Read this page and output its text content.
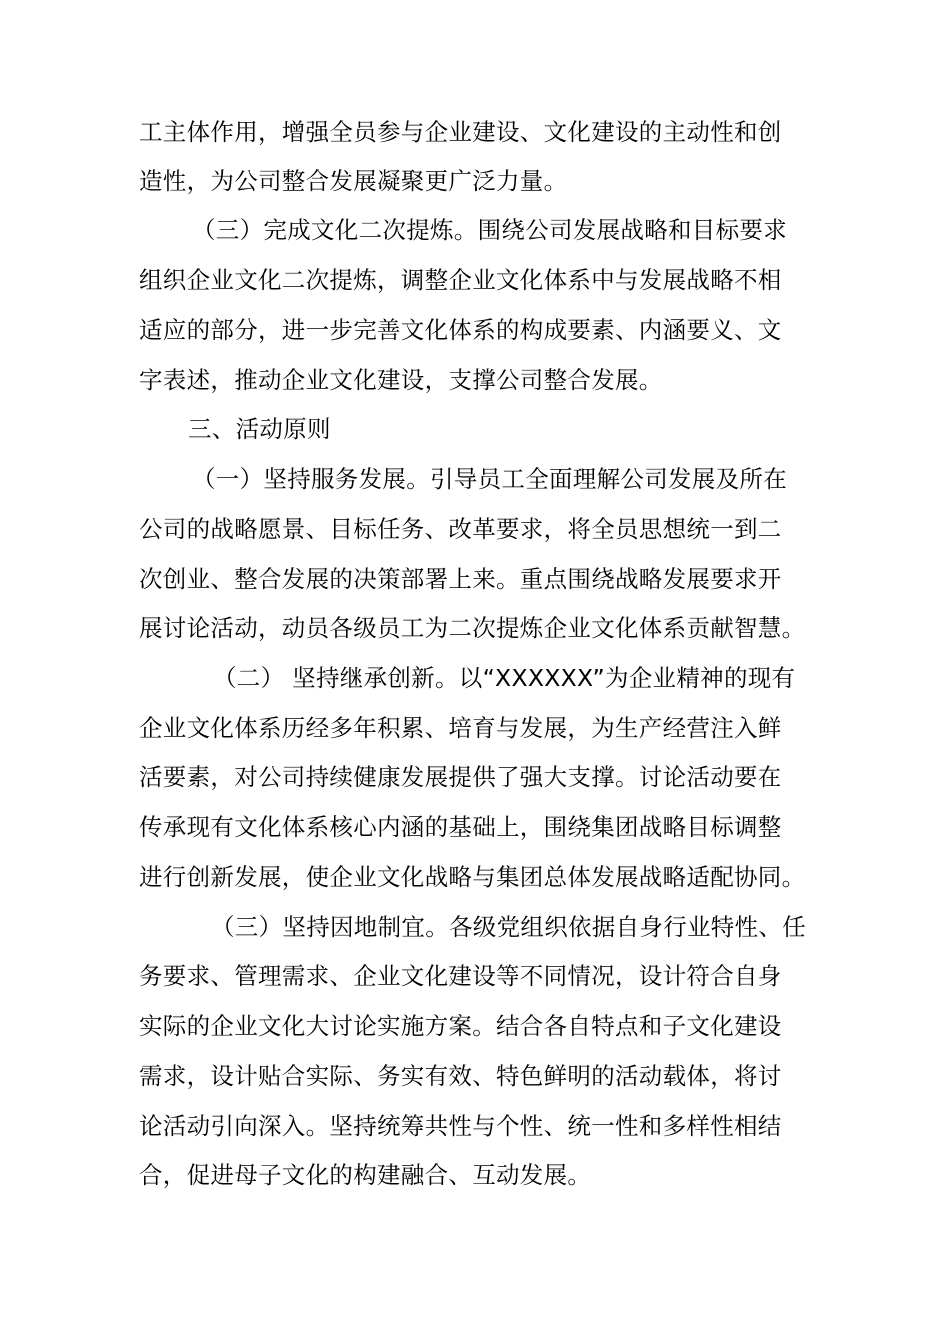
工主体作用，增强全员参与企业建设、文化建设的主动性和创
造性，为公司整合发展凝聚更广泛力量。
（三）完成文化二次提炼。围绕公司发展战略和目标要求
组织企业文化二次提炼，调整企业文化体系中与发展战略不相
适应的部分，进一步完善文化体系的构成要素、内涵要义、文
字表述，推动企业文化建设，支撑公司整合发展。
三、活动原则
（一）坚持服务发展。引导员工全面理解公司发展及所在
公司的战略愿景、目标任务、改革要求，将全员思想统一到二
次创业、整合发展的决策部署上来。重点围绕战略发展要求开
展讨论活动，动员各级员工为二次提炼企业文化体系贡献智慧。
（二） 坚持继承创新。以“XXXXXX”为企业精神的现有
企业文化体系历经多年积累、培育与发展，为生产经营注入鲜
活要素，对公司持续健康发展提供了强大支撑。讨论活动要在
传承现有文化体系核心内涵的基础上，围绕集团战略目标调整
进行创新发展，使企业文化战略与集团总体发展战略适配协同。
（三）坚持因地制宜。各级党组织依据自身行业特性、任
务要求、管理需求、企业文化建设等不同情况，设计符合自身
实际的企业文化大讨论实施方案。结合各自特点和子文化建设
需求，设计贴合实际、务实有效、特色鲜明的活动载体，将讨
论活动引向深入。坚持统筹共性与个性、统一性和多样性相结
合，促进母子文化的构建融合、互动发展。
